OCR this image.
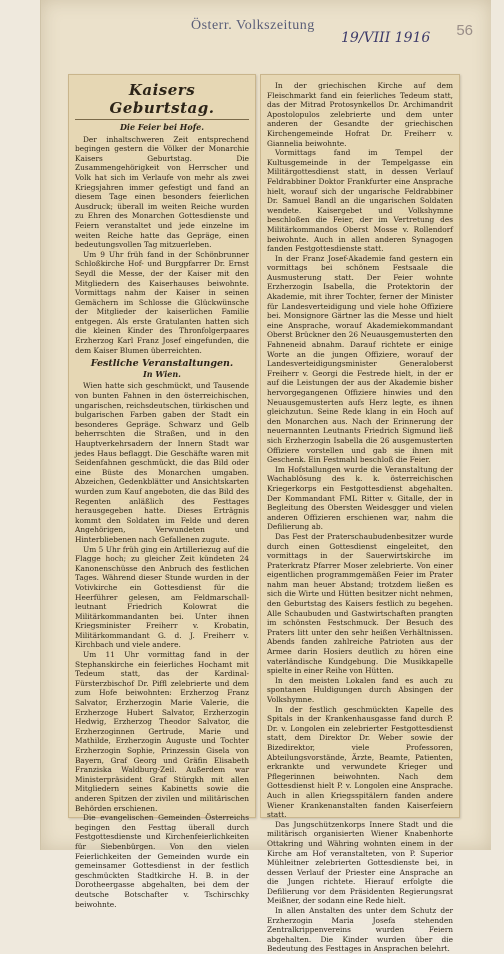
Österr. Volkszeitung
19/VIII 1916 56
Kaisers Geburtstag.
Die Feier bei Hofe.

Der inhaltschweren Zeit entsprechend begingen gestern die Völker der Monarchie Kaisers Geburtstag. Die Zusammengehörigkeit von Herrscher und Volk hat sich im Verlaufe von mehr als zwei Kriegsjahren immer gefestigt und fand an diesem Tage einen besonders feierlichen Ausdruck; überall im weiten Reiche wurden zu Ehren des Monarchen Gottesdienste und Feiern veranstaltet und jede einzelne im weiten Reiche hatte das Gepräge, einen bedeutungsvollen Tag mitzuerleben.

Um 9 Uhr früh fand in der Schönbrunner Schloßkirche Hof- und Burgpfarrer Dr. Ernst Seydl die Messe, der der Kaiser mit den Mitgliedern des Kaiserhauses beiwohnte. Vormittags nahm der Kaiser in seinen Gemächern im Schlosse die Glückwünsche der Mitglieder der kaiserlichen Familie entgegen. Als erste Gratulanten hatten sich die kleinen Kinder des Thronfolgerpaares Erzherzog Karl Franz Josef eingefunden, die dem Kaiser Blumen überreichten.

Festliche Veranstaltungen.
In Wien.

Wien hatte sich geschmückt, und Tausende von bunten Fahnen in den österreichischen, ungarischen, reichsdeutschen, türkischen und bulgarischen Farben gaben der Stadt ein besonderes Gepräge. Schwarz und Gelb beherrschten die Straßen, und in den Hauptverkehrsadern der Innern Stadt war jedes Haus beflaggt. Die Geschäfte waren mit Seidenfahnen geschmückt, die das Bild oder eine Büste des Monarchen umgaben. Abzeichen, Gedenkblätter und Ansichtskarten wurden zum Kauf angeboten, die das Bild des Regenten anläßlich des Festtages herausgegeben hatte. Dieses Erträgnis kommt den Soldaten im Felde und deren Angehörigen, Verwundeten und Hinterbliebenen nach Gefallenen zugute.

Um 5 Uhr früh ging ein Artilleriezug auf die Flagge hoch; zu gleicher Zeit kündeten 24 Kanonenschüsse den Anbruch des festlichen Tages. Während dieser Stunde wurden in der Votivkirche ein Gottesdienst für die Heerführer gelesen, am Feldmarschall-leutnant Friedrich Kolowrat die Militärkommandanten bei. Unter ihnen Kriegsminister Freiherr v. Krobatin, Militärkommandant G. d. J. Freiherr v. Kirchbach und viele andere.

Um 11 Uhr vormittag fand in der Stephanskirche ein feierliches Hochamt mit Tedeum statt, das der Kardinal-Fürsterzbischof Dr. Piffl zelebrierte und dem zum Hofe beiwohnten: Erzherzog Franz Salvator, Erzherzogin Marie Valerie, die Erzherzoge Hubert Salvator, Erzherzogin Hedwig, Erzherzog Theodor Salvator, die Erzherzoginnen Gertrude, Marie und Mathilde, Erzherzogin Auguste und Tochter Erzherzogin Sophie, Prinzessin Gisela von Bayern, Graf Georg und Gräfin Elisabeth Franziska Waldburg-Zeil. Außerdem war Ministerpräsident Graf Stürgkh mit allen Mitgliedern seines Kabinetts sowie die anderen Spitzen der zivilen und militärischen Behörden erschienen.

Die evangelischen Gemeinden Österreichs begingen den Festtag überall durch Festgottesdienste und Kirchenfeierlichkeiten für Siebenbürgen. Von den vielen Feierlichkeiten der Gemeinden wurde ein gemeinsamer Gottesdienst in der festlich geschmückten Stadtkirche H. B. in der Dorotheergasse abgehalten, bei dem der deutsche Botschafter v. Tschirschky beiwohnte.

In der griechischen Kirche auf dem Fleischmarkt fand ein feierliches Tedeum statt, das der Mitrad Protosynkellos Dr. Archimandrit Apostolopulos zelebrierte und dem unter anderen der Gesandte der griechischen Kirchengemeinde Hofrat Dr. Freiherr v. Giannelia beiwohnte.

Vormittags fand im Tempel der Kultusgemeinde in der Tempelgasse ein Militärgottesdienst statt, in dessen Verlauf Feldrabbiner Doktor Frankfurter eine Ansprache hielt, worauf sich der ungarische Feldrabbiner Dr. Samuel Bandl an die ungarischen Soldaten wendete. Kaisergebet und Volkshymne beschloßen die Feier, der im Vertretung des Militärkommandos Oberst Mosse v. Rollendorf beiwohnte. Auch in allen anderen Synagogen fanden Festgottesdienste statt.

In der Franz Josef-Akademie fand gestern ein vormittags bei schönem Festsaale die Ausmusterung statt. Der Feier wohnte Erzherzogin Isabella, die Protektorin der Akademie, mit ihrer Tochter, ferner der Minister für Landesverteidigung und viele hohe Offiziere bei. Monsignore Gärtner las die Messe und hielt eine Ansprache, worauf Akademiekommandant Oberst Brückner den 26 Neuausgemusterten den Fahneneid abnahm. Darauf richtete er einige Worte an die jungen Offiziere, worauf der Landesverteidigungsminister Generaloberst Freiherr v. Georgi die Festrede hielt, in der er auf die Leistungen der aus der Akademie bisher hervorgegangenen Offiziere hinwies und den Neuausgemusterten aufs Herz legte, es ihnen gleichzutun. Seine Rede klang in ein Hoch auf den Monarchen aus. Nach der Erinnerung der neuernannten Leutnants Friedrich Sigmund ließ sich Erzherzogin Isabella die 26 ausgemusterten Offiziere vorstellen und gab sie ihnen mit Geschenk. Ein Festmahl beschloß die Feier.

Im Hofstallungen wurde die Veranstaltung der Wachablösung des k. k. österreichischen Kriegerkorps ein Festgottesdienst abgehalten. Der Kommandant FML Ritter v. Gitalle, der in Begleitung des Obersten Weidesgger und vielen anderen Offizieren erschienen war, nahm die Defilierung ab.

Das Fest der Praterschaubudenbesitzer wurde durch einen Gottesdienst eingeleitet, den vormittags in der Sauerwirtskirche im Praterkratz Pfarrer Moser zelebrierte. Von einer eigentlichen programmgemäßen Feier im Prater nahm man heuer Abstand; trotzdem ließen es sich die Wirte und Hütten besitzer nicht nehmen, den Geburtstag des Kaisers festlich zu begehen. Alle Schaubuden und Gastwirtschaften prangten im schönsten Festschmuck. Der Besuch des Praters litt unter den sehr heißen Verhältnissen. Abends fanden zahlreiche Patrioten aus der Armee darin Hosiers deutlich zu hören eine vaterländische Kundgebung. Die Musikkapelle spielte in einer Reihe von Hütten.

In den meisten Lokalen fand es auch zu spontanen Huldigungen durch Absingen der Volkshymne.

In der festlich geschmückten Kapelle des Spitals in der Krankenhausgasse fand durch P. Dr. v. Longolen ein zelebrierter Festgottesdienst statt, dem Direktor Dr. Weber sowie der Bizedirektor, viele Professoren, Abteilungsvorstände, Ärzte, Beamte, Patienten, erkrankte und verwundete Krieger und Pflegerinnen beiwohnten. Nach dem Gottesdienst hielt P. v. Longolen eine Ansprache. Auch in allen Kriegsspitälern fanden andere Wiener Krankenanstalten fanden Kaiserfeiern statt.

Das Jungschützenkorps Innere Stadt und die militärisch organisierten Wiener Knabenhorte Ottakring und Währing wohnten einem in der Kirche am Hof veranstalteten, von P. Superior Mühleitner zelebrierten Gottesdienste bei, in dessen Verlauf der Priester eine Ansprache an die Jungen richtete. Hierauf erfolgte die Defilierung vor dem Präsidenten Regierungsrat Meißner, der sodann eine Rede hielt.

In allen Anstalten des unter dem Schutz der Erzherzogin Maria Josefa stehenden Zentralkrippenvereins wurden Feiern abgehalten. Die Kinder wurden über die Bedeutung des Festtages in Ansprachen belehrt.
